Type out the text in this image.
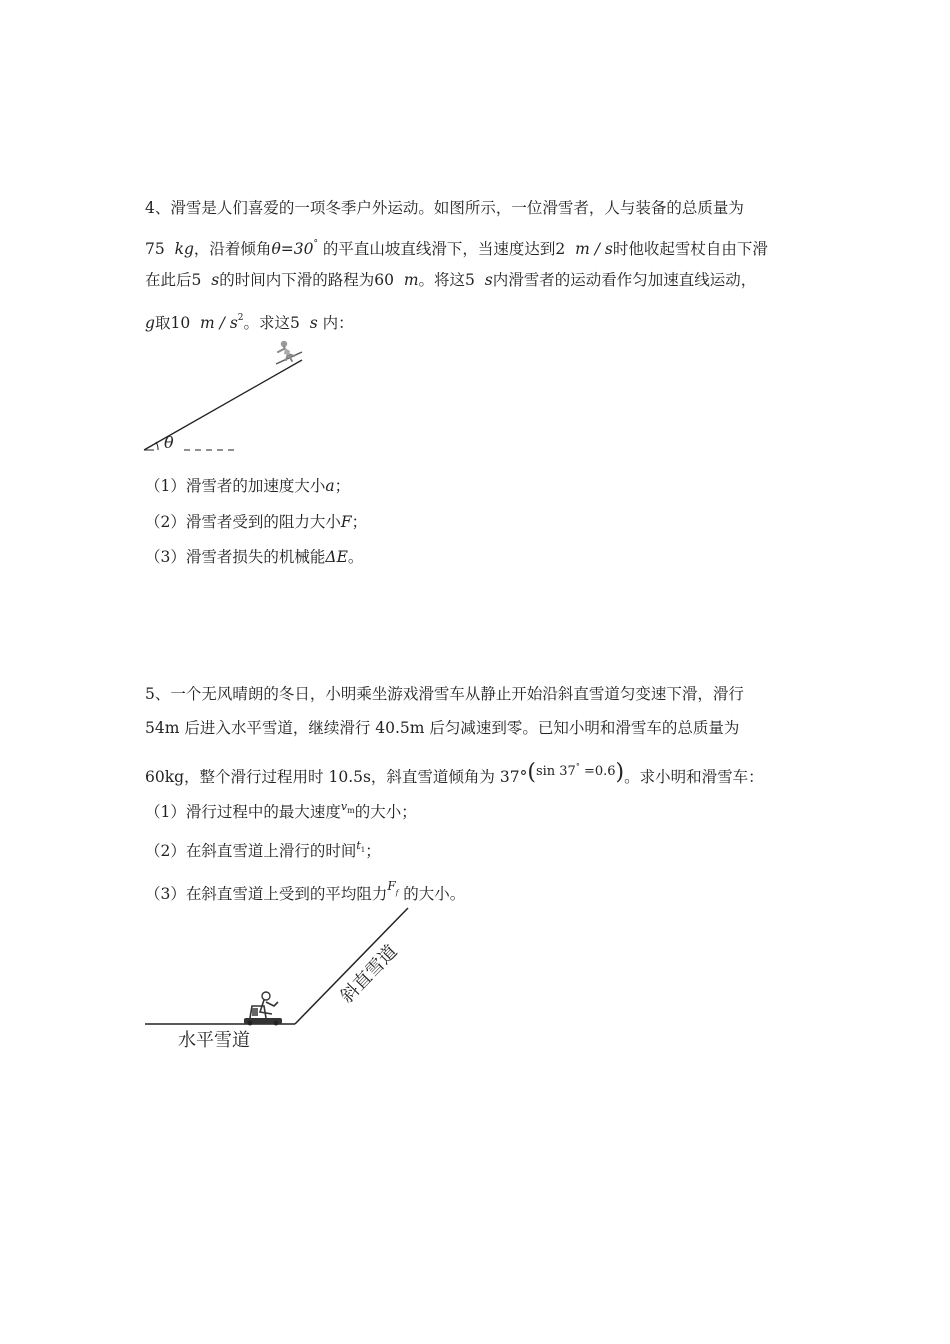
4、滑雪是人们喜爱的一项冬季户外运动。如图所示，一位滑雪者，人与装备的总质量为
75 kg，沿着倾角θ=30° 的平直山坡直线滑下，当速度达到2 m / s时他收起雪杖自由下滑
在此后5 s的时间内下滑的路程为60 m。将这5 s内滑雪者的运动看作匀加速直线运动，
g取10 m / $s^2$。求这5 s 内：
θ
（1）滑雪者的加速度大小a；
（2）滑雪者受到的阻力大小F；
（3）滑雪者损失的机械能ΔE。
5、一个无风晴朗的冬日，小明乘坐游戏滑雪车从静止开始沿斜直雪道匀变速下滑，滑行
54m 后进入水平雪道，继续滑行 40.5m 后匀减速到零。已知小明和滑雪车的总质量为
60kg，整个滑行过程用时 10.5s，斜直雪道倾角为 37°($^{sin 37^\circ}$ $^{=0.6}$)。求小明和滑雪车：
（1）滑行过程中的最大速度$^{vm}$的大小；
（2）在斜直雪道上滑行的时间$^{t1}$；
（3）在斜直雪道上受到的平均阻力$^{Ff}$ 的大小。
斜直雪道
水平雪道
